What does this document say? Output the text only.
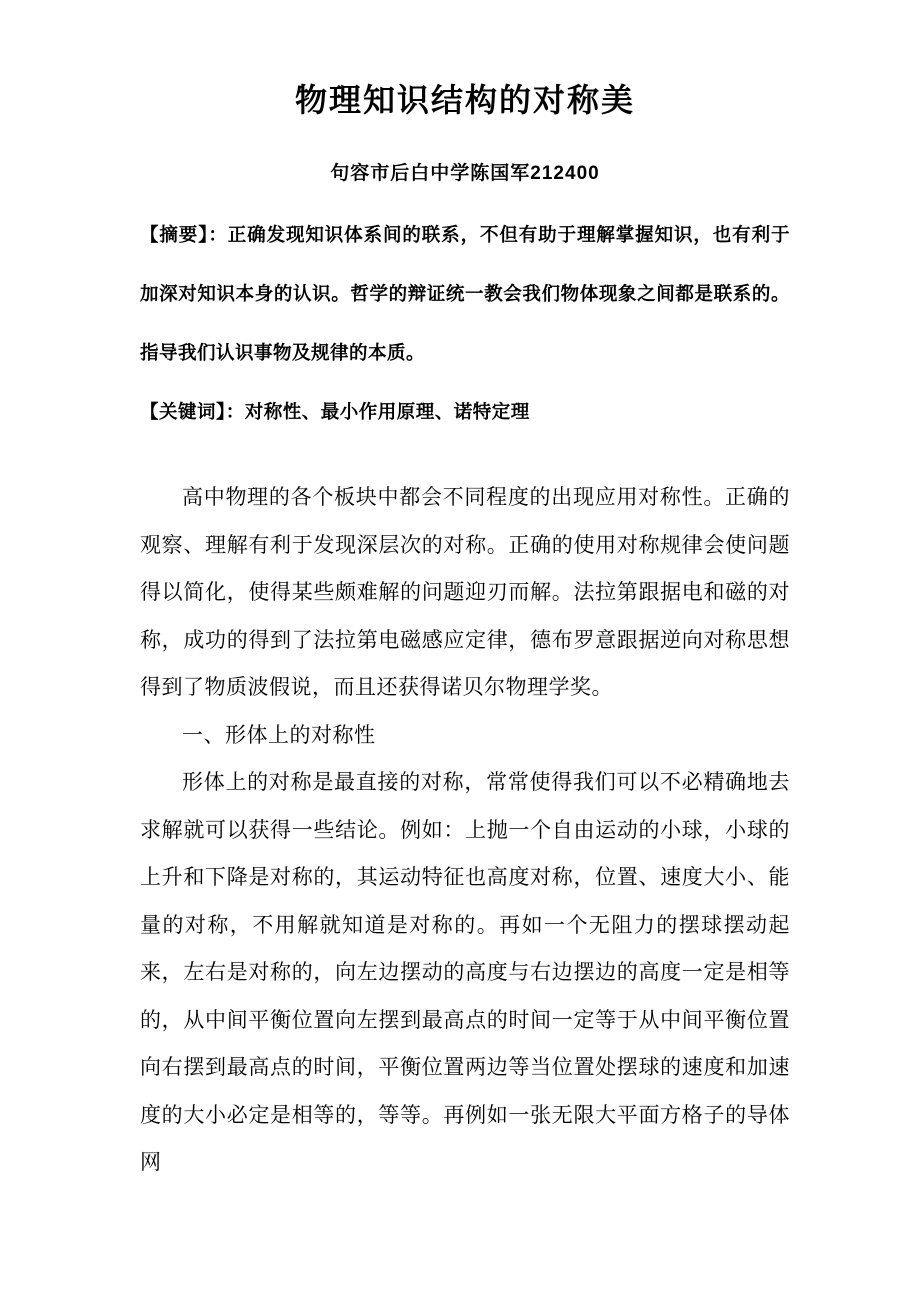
物理知识结构的对称美

句容市后白中学陈国军212400

【摘要】：正确发现知识体系间的联系，不但有助于理解掌握知识，也有利于加深对知识本身的认识。哲学的辩证统一教会我们物体现象之间都是联系的。指导我们认识事物及规律的本质。

【关键词】：对称性、最小作用原理、诺特定理

高中物理的各个板块中都会不同程度的出现应用对称性。正确的观察、理解有利于发现深层次的对称。正确的使用对称规律会使问题得以简化，使得某些颇难解的问题迎刃而解。法拉第跟据电和磁的对称，成功的得到了法拉第电磁感应定律，德布罗意跟据逆向对称思想得到了物质波假说，而且还获得诺贝尔物理学奖。

一、形体上的对称性

形体上的对称是最直接的对称，常常使得我们可以不必精确地去求解就可以获得一些结论。例如：上抛一个自由运动的小球，小球的上升和下降是对称的，其运动特征也高度对称，位置、速度大小、能量的对称，不用解就知道是对称的。再如一个无阻力的摆球摆动起来，左右是对称的，向左边摆动的高度与右边摆边的高度一定是相等的，从中间平衡位置向左摆到最高点的时间一定等于从中间平衡位置向右摆到最高点的时间，平衡位置两边等当位置处摆球的速度和加速度的大小必定是相等的，等等。再例如一张无限大平面方格子的导体网
